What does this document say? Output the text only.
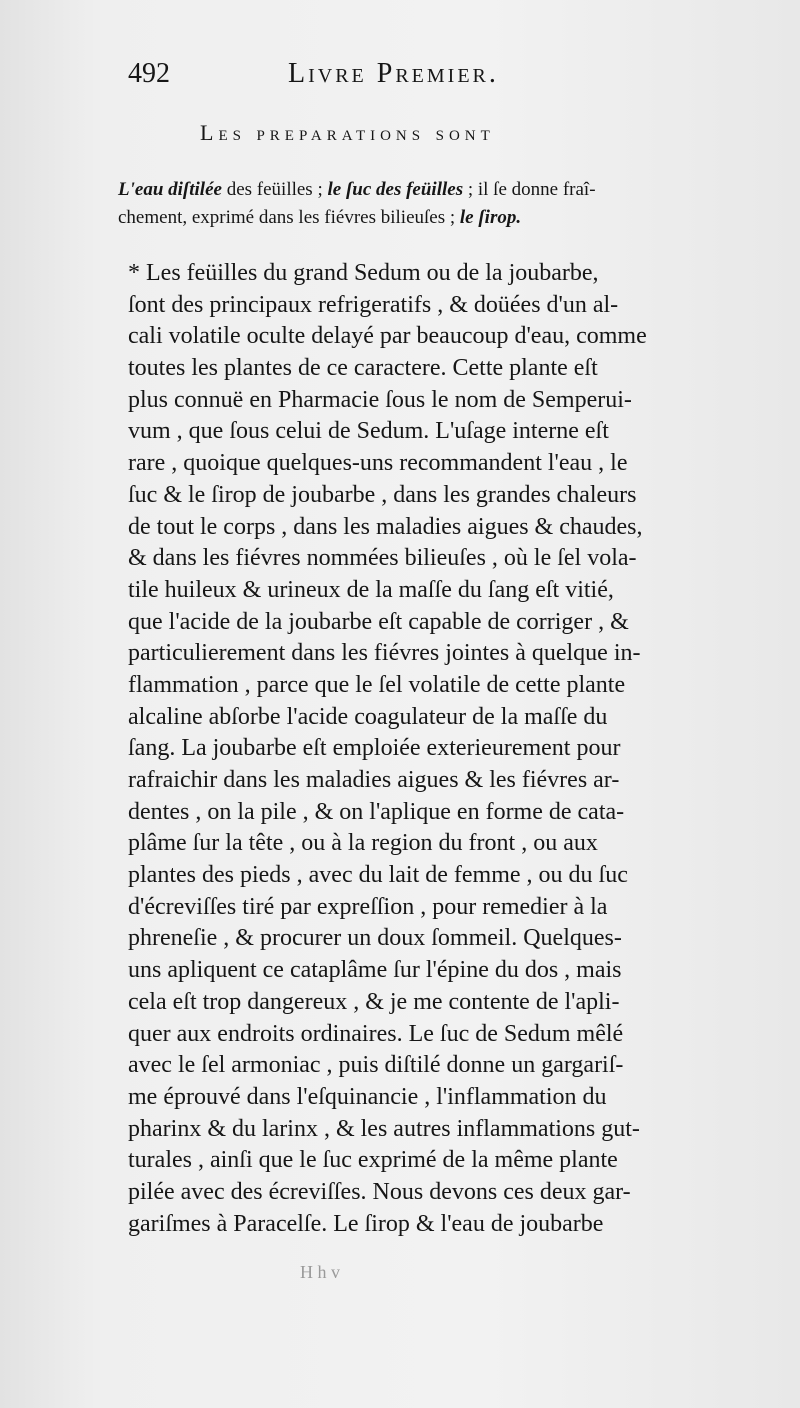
492	Livre Premier.
Les preparations sont
L'eau diſtilée des feüilles ; le ſuc des feüilles ; il ſe donne fraî-
chement, exprimé dans les fiévres bilieuſes ; le ſirop.
* Les feüilles du grand Sedum ou de la joubarbe,
ſont des principaux refrigeratifs , & doüées d'un al-
cali volatile oculte delayé par beaucoup d'eau, comme
toutes les plantes de ce caractere. Cette plante eſt
plus connuë en Pharmacie ſous le nom de Semperui-
vum , que ſous celui de Sedum. L'uſage interne eſt
rare , quoique quelques-uns recommandent l'eau , le
ſuc & le ſirop de joubarbe , dans les grandes chaleurs
de tout le corps , dans les maladies aigues & chaudes,
& dans les fiévres nommées bilieuſes , où le ſel vola-
tile huileux & urineux de la maſſe du ſang eſt vitié,
que l'acide de la joubarbe eſt capable de corriger , &
particulierement dans les fiévres jointes à quelque in-
flammation , parce que le ſel volatile de cette plante
alcaline abſorbe l'acide coagulateur de la maſſe du
ſang. La joubarbe eſt emploiée exterieurement pour
rafraichir dans les maladies aigues & les fiévres ar-
dentes , on la pile , & on l'aplique en forme de cata-
plâme ſur la tête , ou à la region du front , ou aux
plantes des pieds , avec du lait de femme , ou du ſuc
d'écreviſſes tiré par expreſſion , pour remedier à la
phreneſie , & procurer un doux ſommeil. Quelques-
uns apliquent ce cataplâme ſur l'épine du dos , mais
cela eſt trop dangereux , & je me contente de l'apli-
quer aux endroits ordinaires. Le ſuc de Sedum mêlé
avec le ſel armoniac , puis diſtilé donne un gargariſ-
me éprouvé dans l'eſquinancie , l'inflammation du
pharinx & du larinx , & les autres inflammations gut-
turales , ainſi que le ſuc exprimé de la même plante
pilée avec des écreviſſes. Nous devons ces deux gar-
gariſmes à Paracelſe. Le ſirop & l'eau de joubarbe
H h v
